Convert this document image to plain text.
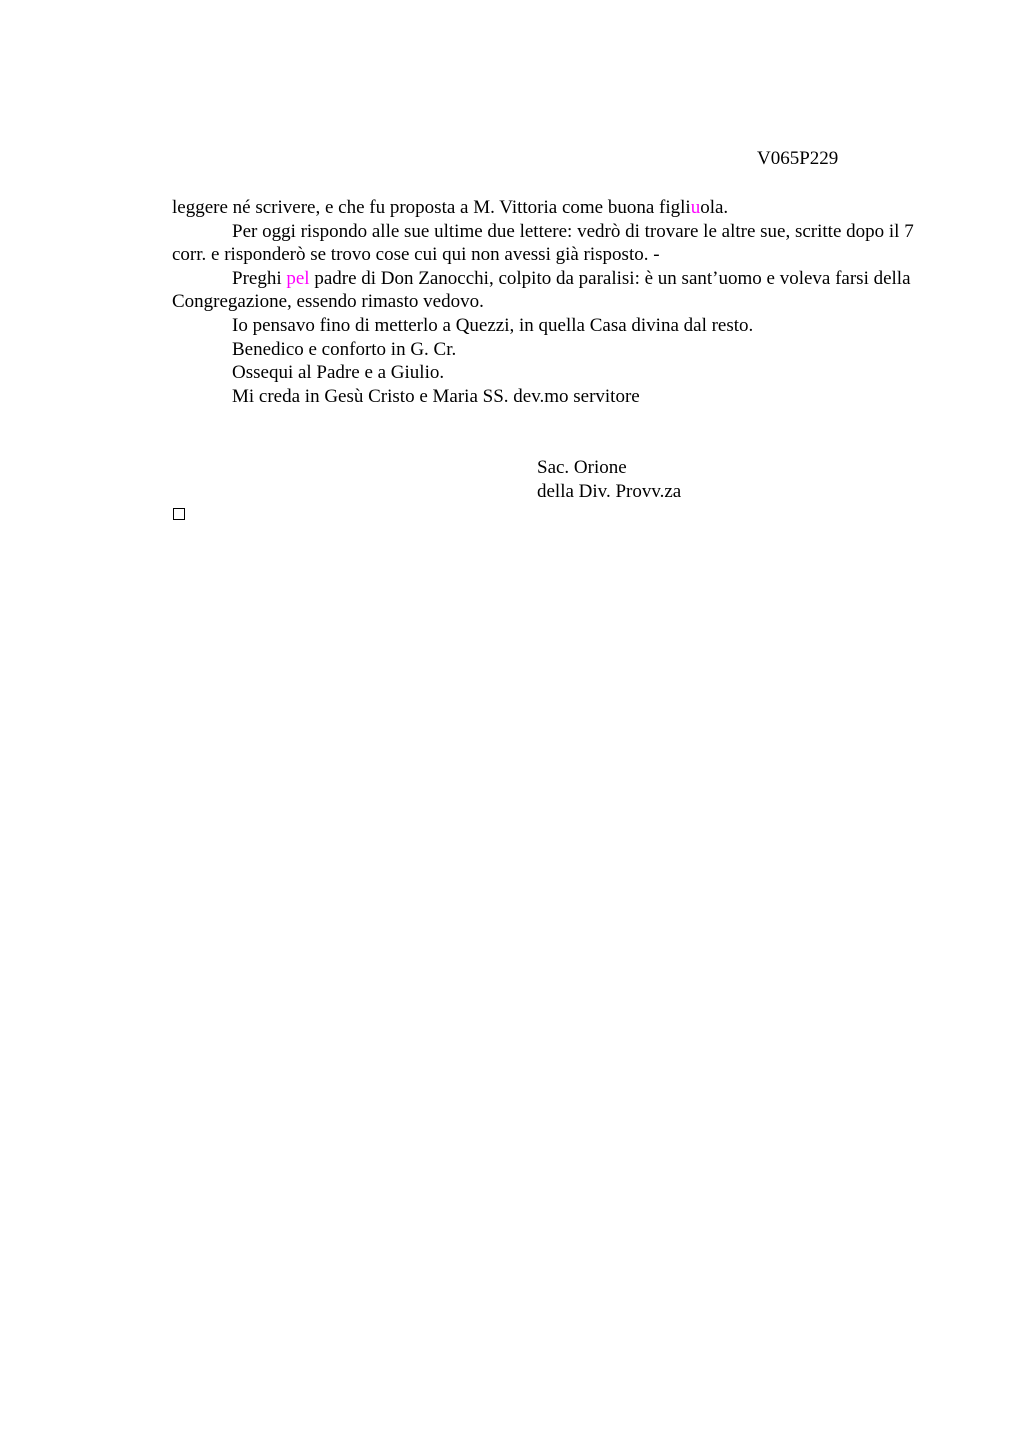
V065P229

leggere né scrivere, e che fu proposta a M. Vittoria come buona figliuola.

Per oggi rispondo alle sue ultime due lettere: vedrò di trovare le altre sue, scritte dopo il 7 corr. e risponderò se trovo cose cui qui non avessi già risposto. -

Preghi pel padre di Don Zanocchi, colpito da paralisi: è un sant’uomo e voleva farsi della Congregazione, essendo rimasto vedovo.

Io pensavo fino di metterlo a Quezzi, in quella Casa divina dal resto.

Benedico e conforto in G. Cr.

Ossequi al Padre e a Giulio.

Mi creda in Gesù Cristo e Maria SS. dev.mo servitore

Sac. Orione
della Div. Provv.za
